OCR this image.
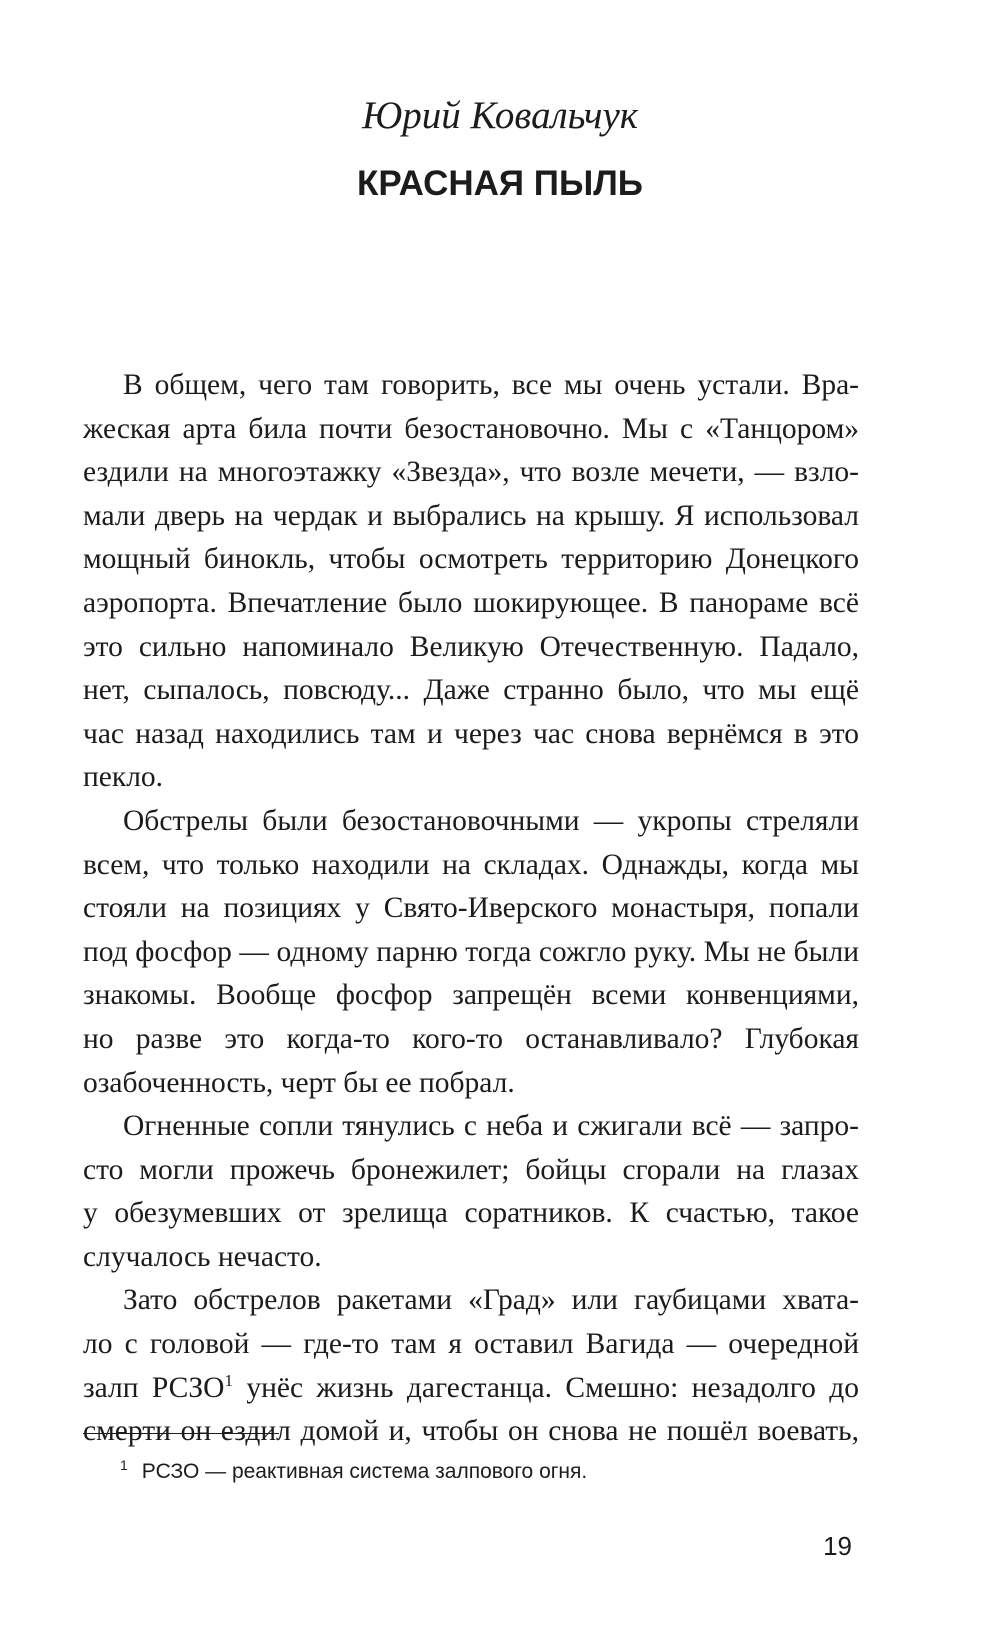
Юрий Ковальчук
КРАСНАЯ ПЫЛЬ
В общем, чего там говорить, все мы очень устали. Вра-
жеская арта била почти безостановочно. Мы с «Танцором»
ездили на многоэтажку «Звезда», что возле мечети, — взло-
мали дверь на чердак и выбрались на крышу. Я использовал
мощный бинокль, чтобы осмотреть территорию Донецкого
аэропорта. Впечатление было шокирующее. В панораме всё
это сильно напоминало Великую Отечественную. Падало,
нет, сыпалось, повсюду... Даже странно было, что мы ещё
час назад находились там и через час снова вернёмся в это
пекло.
Обстрелы были безостановочными — укропы стреляли
всем, что только находили на складах. Однажды, когда мы
стояли на позициях у Свято-Иверского монастыря, попали
под фосфор — одному парню тогда сожгло руку. Мы не были
знакомы. Вообще фосфор запрещён всеми конвенциями,
но разве это когда-то кого-то останавливало? Глубокая
озабоченность, черт бы ее побрал.
Огненные сопли тянулись с неба и сжигали всё — запро-
сто могли прожечь бронежилет; бойцы сгорали на глазах
у обезумевших от зрелища соратников. К счастью, такое
случалось нечасто.
Зато обстрелов ракетами «Град» или гаубицами хвата-
ло с головой — где-то там я оставил Вагида — очередной
залп РСЗО$^1$ унёс жизнь дагестанца. Смешно: незадолго до
смерти он ездил домой и, чтобы он снова не пошёл воевать,
$^1$ РСЗО — реактивная система залпового огня.
19
